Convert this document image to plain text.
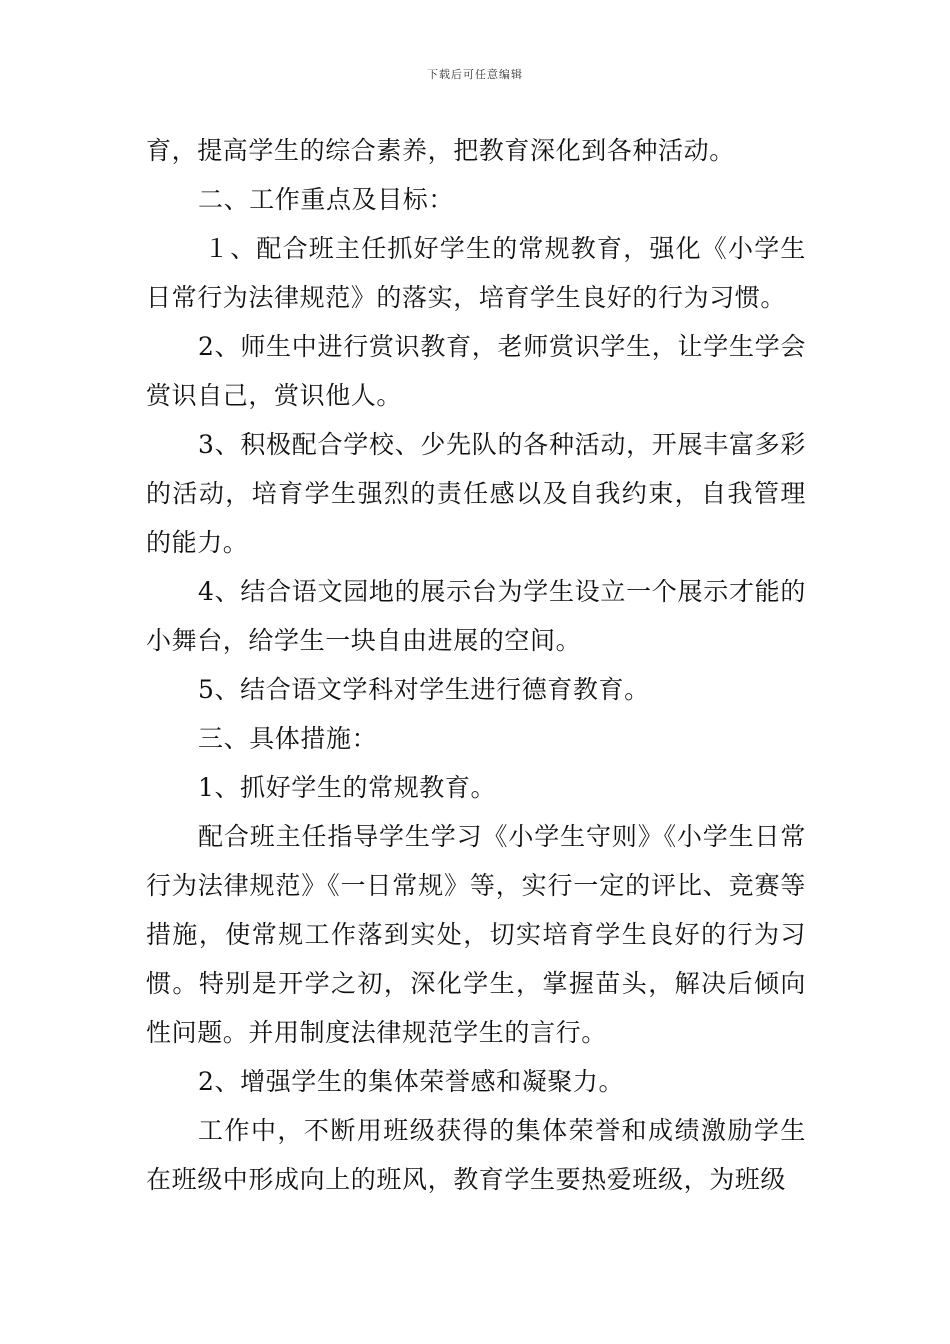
下载后可任意编辑

育，提高学生的综合素养，把教育深化到各种活动。

二、工作重点及目标：

１、配合班主任抓好学生的常规教育，强化《小学生日常行为法律规范》的落实，培育学生良好的行为习惯。

2、师生中进行赏识教育，老师赏识学生，让学生学会赏识自己，赏识他人。

3、积极配合学校、少先队的各种活动，开展丰富多彩的活动，培育学生强烈的责任感以及自我约束，自我管理的能力。

4、结合语文园地的展示台为学生设立一个展示才能的小舞台，给学生一块自由进展的空间。

5、结合语文学科对学生进行德育教育。

三、具体措施：

1、抓好学生的常规教育。

配合班主任指导学生学习《小学生守则》《小学生日常行为法律规范》《一日常规》等，实行一定的评比、竞赛等措施，使常规工作落到实处，切实培育学生良好的行为习惯。特别是开学之初，深化学生，掌握苗头，解决后倾向性问题。并用制度法律规范学生的言行。

2、增强学生的集体荣誉感和凝聚力。

工作中，不断用班级获得的集体荣誉和成绩激励学生在班级中形成向上的班风，教育学生要热爱班级，为班级
